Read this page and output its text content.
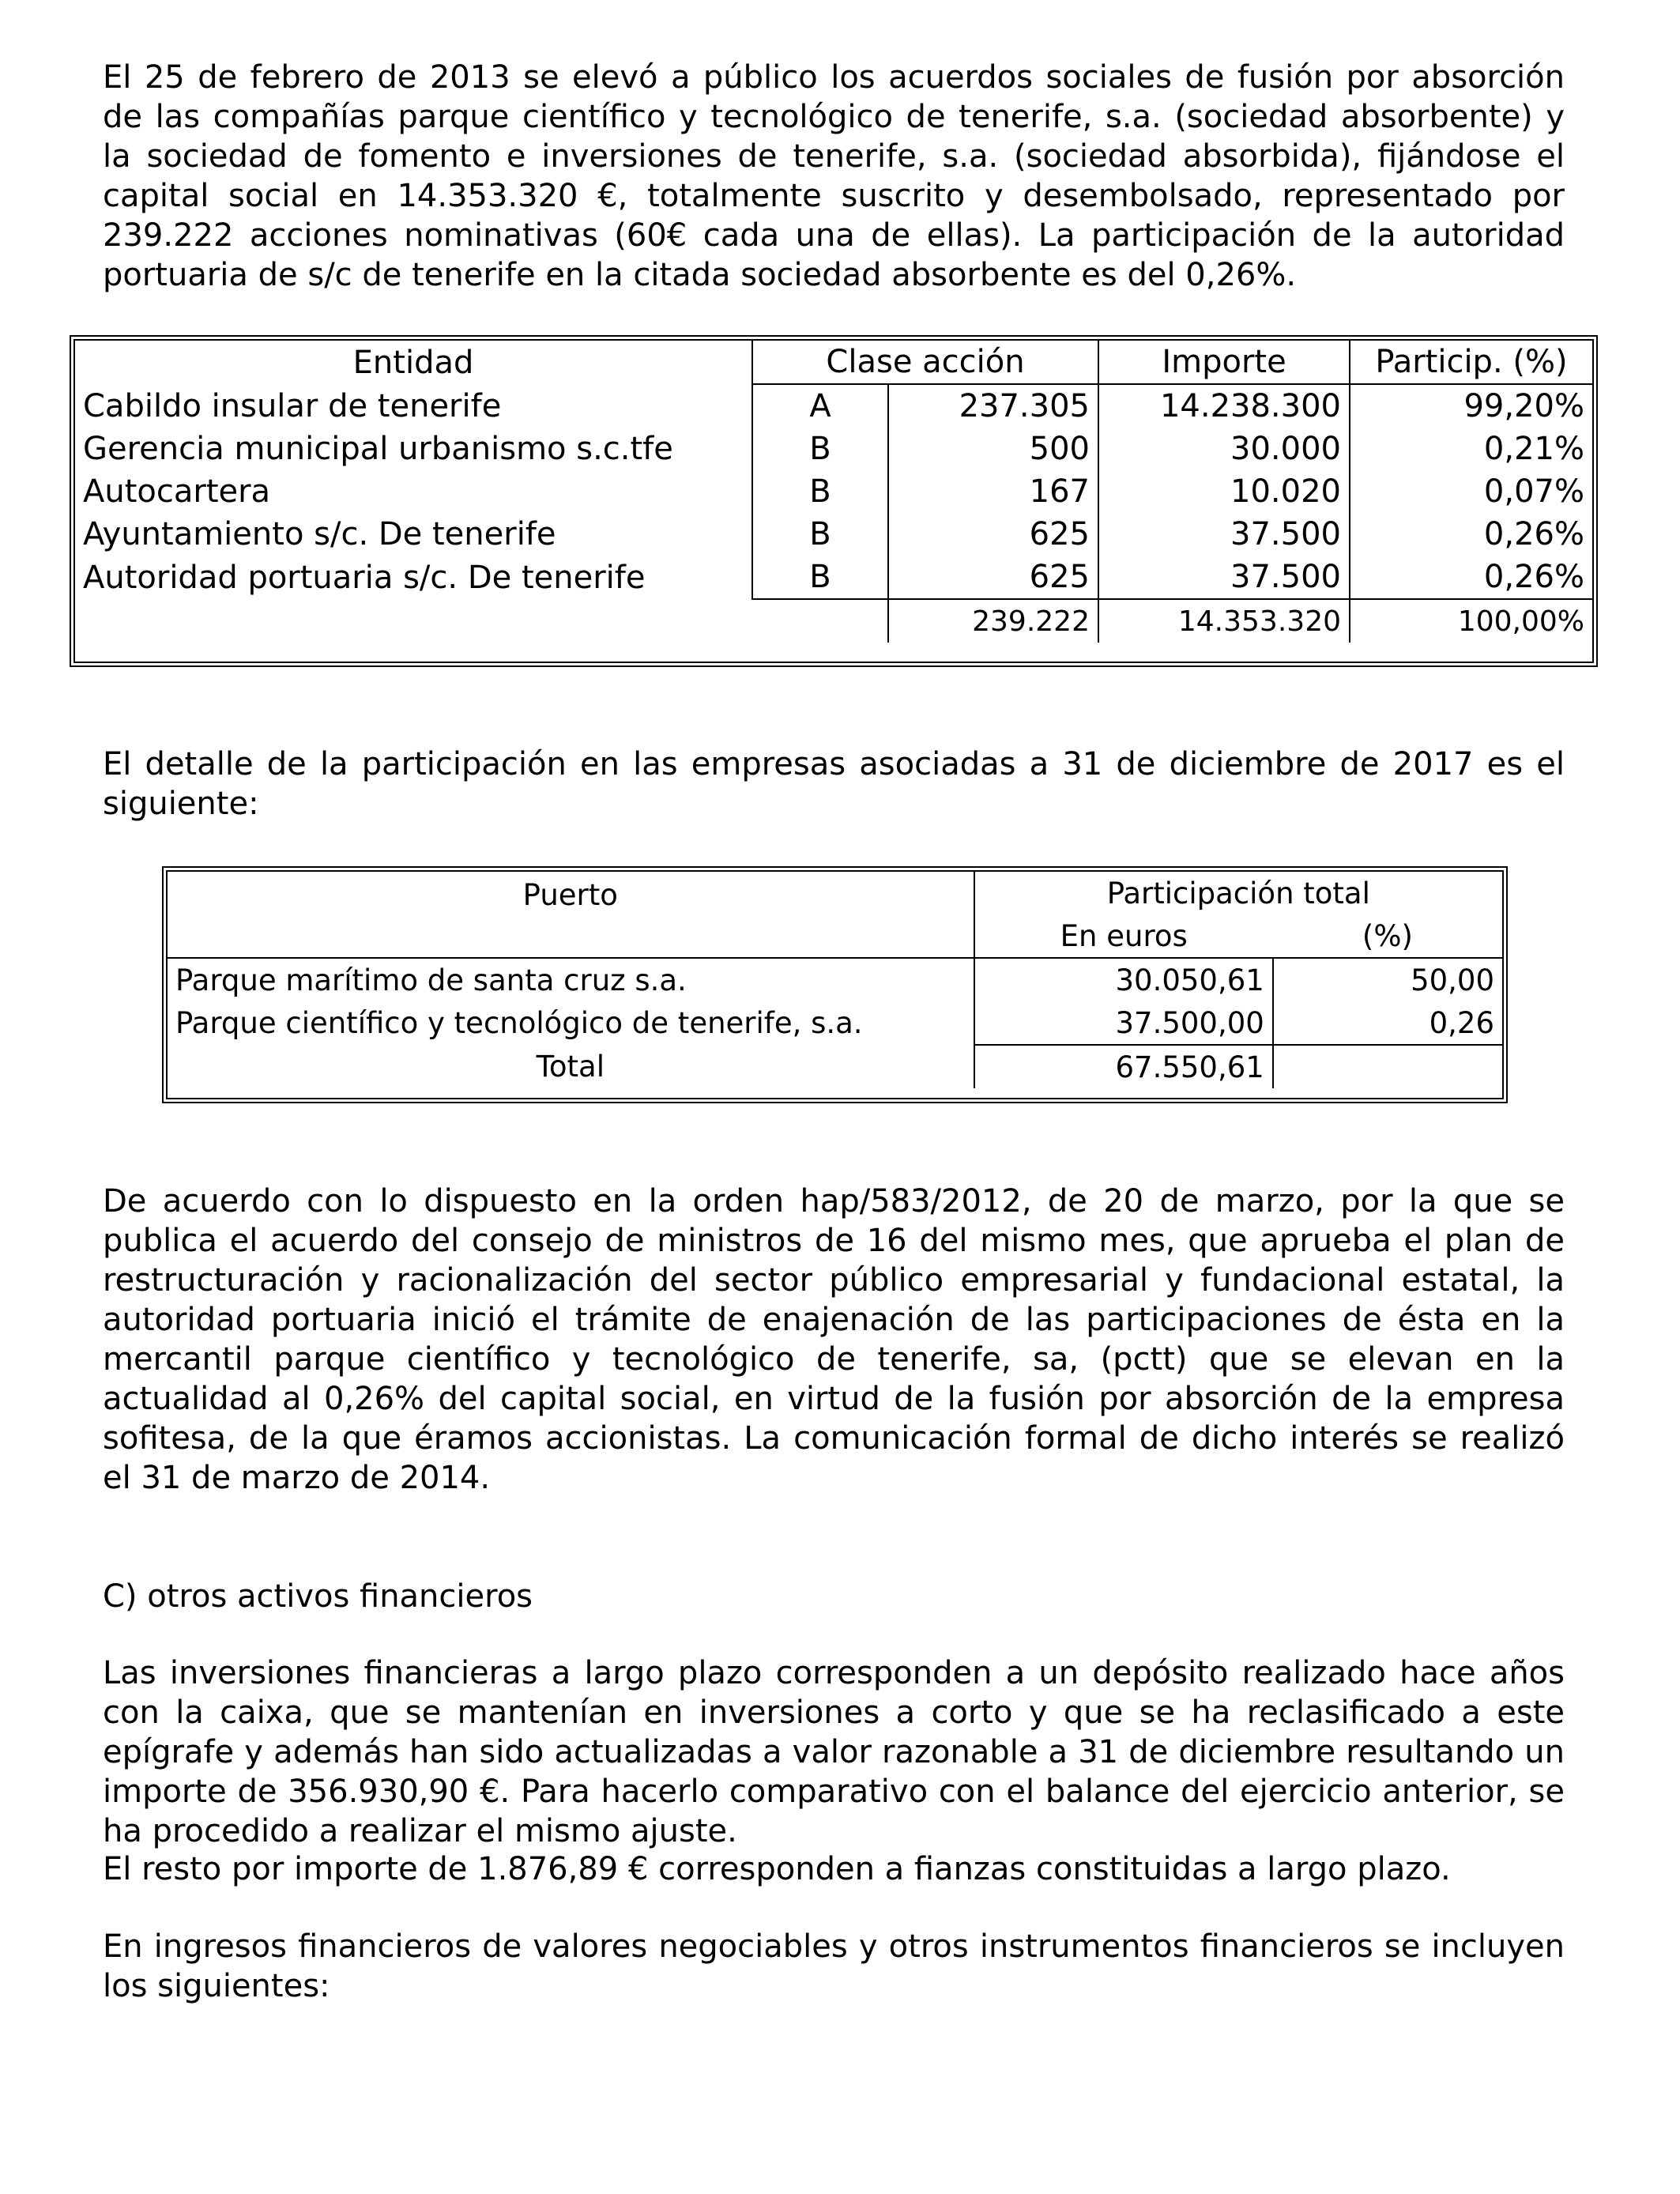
El 25 de febrero de 2013 se elevó a público los acuerdos sociales de fusión por absorción de las compañías parque científico y tecnológico de tenerife, s.a. (sociedad absorbente) y la sociedad de fomento e inversiones de tenerife, s.a. (sociedad absorbida), fijándose el capital social en 14.353.320 €, totalmente suscrito y desembolsado, representado por 239.222 acciones nominativas (60€ cada una de ellas). La participación de la autoridad portuaria de s/c de tenerife en la citada sociedad absorbente es del 0,26%.

Entidad	Clase acción		Importe	Particip. (%)
Cabildo insular de tenerife	A	237.305	14.238.300	99,20%
Gerencia municipal urbanismo s.c.tfe	B	500	30.000	0,21%
Autocartera	B	167	10.020	0,07%
Ayuntamiento s/c. De tenerife	B	625	37.500	0,26%
Autoridad portuaria s/c. De tenerife	B	625	37.500	0,26%
		239.222	14.353.320	100,00%

El detalle de la participación en las empresas asociadas a 31 de diciembre de 2017 es el siguiente:

Puerto	Participación total	
	En euros	(%)
Parque marítimo de santa cruz s.a.	30.050,61	50,00
Parque científico y tecnológico de tenerife, s.a.	37.500,00	0,26
Total	67.550,61	

De acuerdo con lo dispuesto en la orden hap/583/2012, de 20 de marzo, por la que se publica el acuerdo del consejo de ministros de 16 del mismo mes, que aprueba el plan de restructuración y racionalización del sector público empresarial y fundacional estatal, la autoridad portuaria inició el trámite de enajenación de las participaciones de ésta en la mercantil parque científico y tecnológico de tenerife, sa, (pctt) que se elevan en la actualidad al 0,26% del capital social, en virtud de la fusión por absorción de la empresa sofitesa, de la que éramos accionistas. La comunicación formal de dicho interés se realizó el 31 de marzo de 2014.

C) otros activos financieros

Las inversiones financieras a largo plazo corresponden a un depósito realizado hace años con la caixa, que se mantenían en inversiones a corto y que se ha reclasificado a este epígrafe y además han sido actualizadas a valor razonable a 31 de diciembre resultando un importe de 356.930,90 €. Para hacerlo comparativo con el balance del ejercicio anterior, se ha procedido a realizar el mismo ajuste.

El resto por importe de 1.876,89 € corresponden a fianzas constituidas a largo plazo.

En ingresos financieros de valores negociables y otros instrumentos financieros se incluyen los siguientes:
